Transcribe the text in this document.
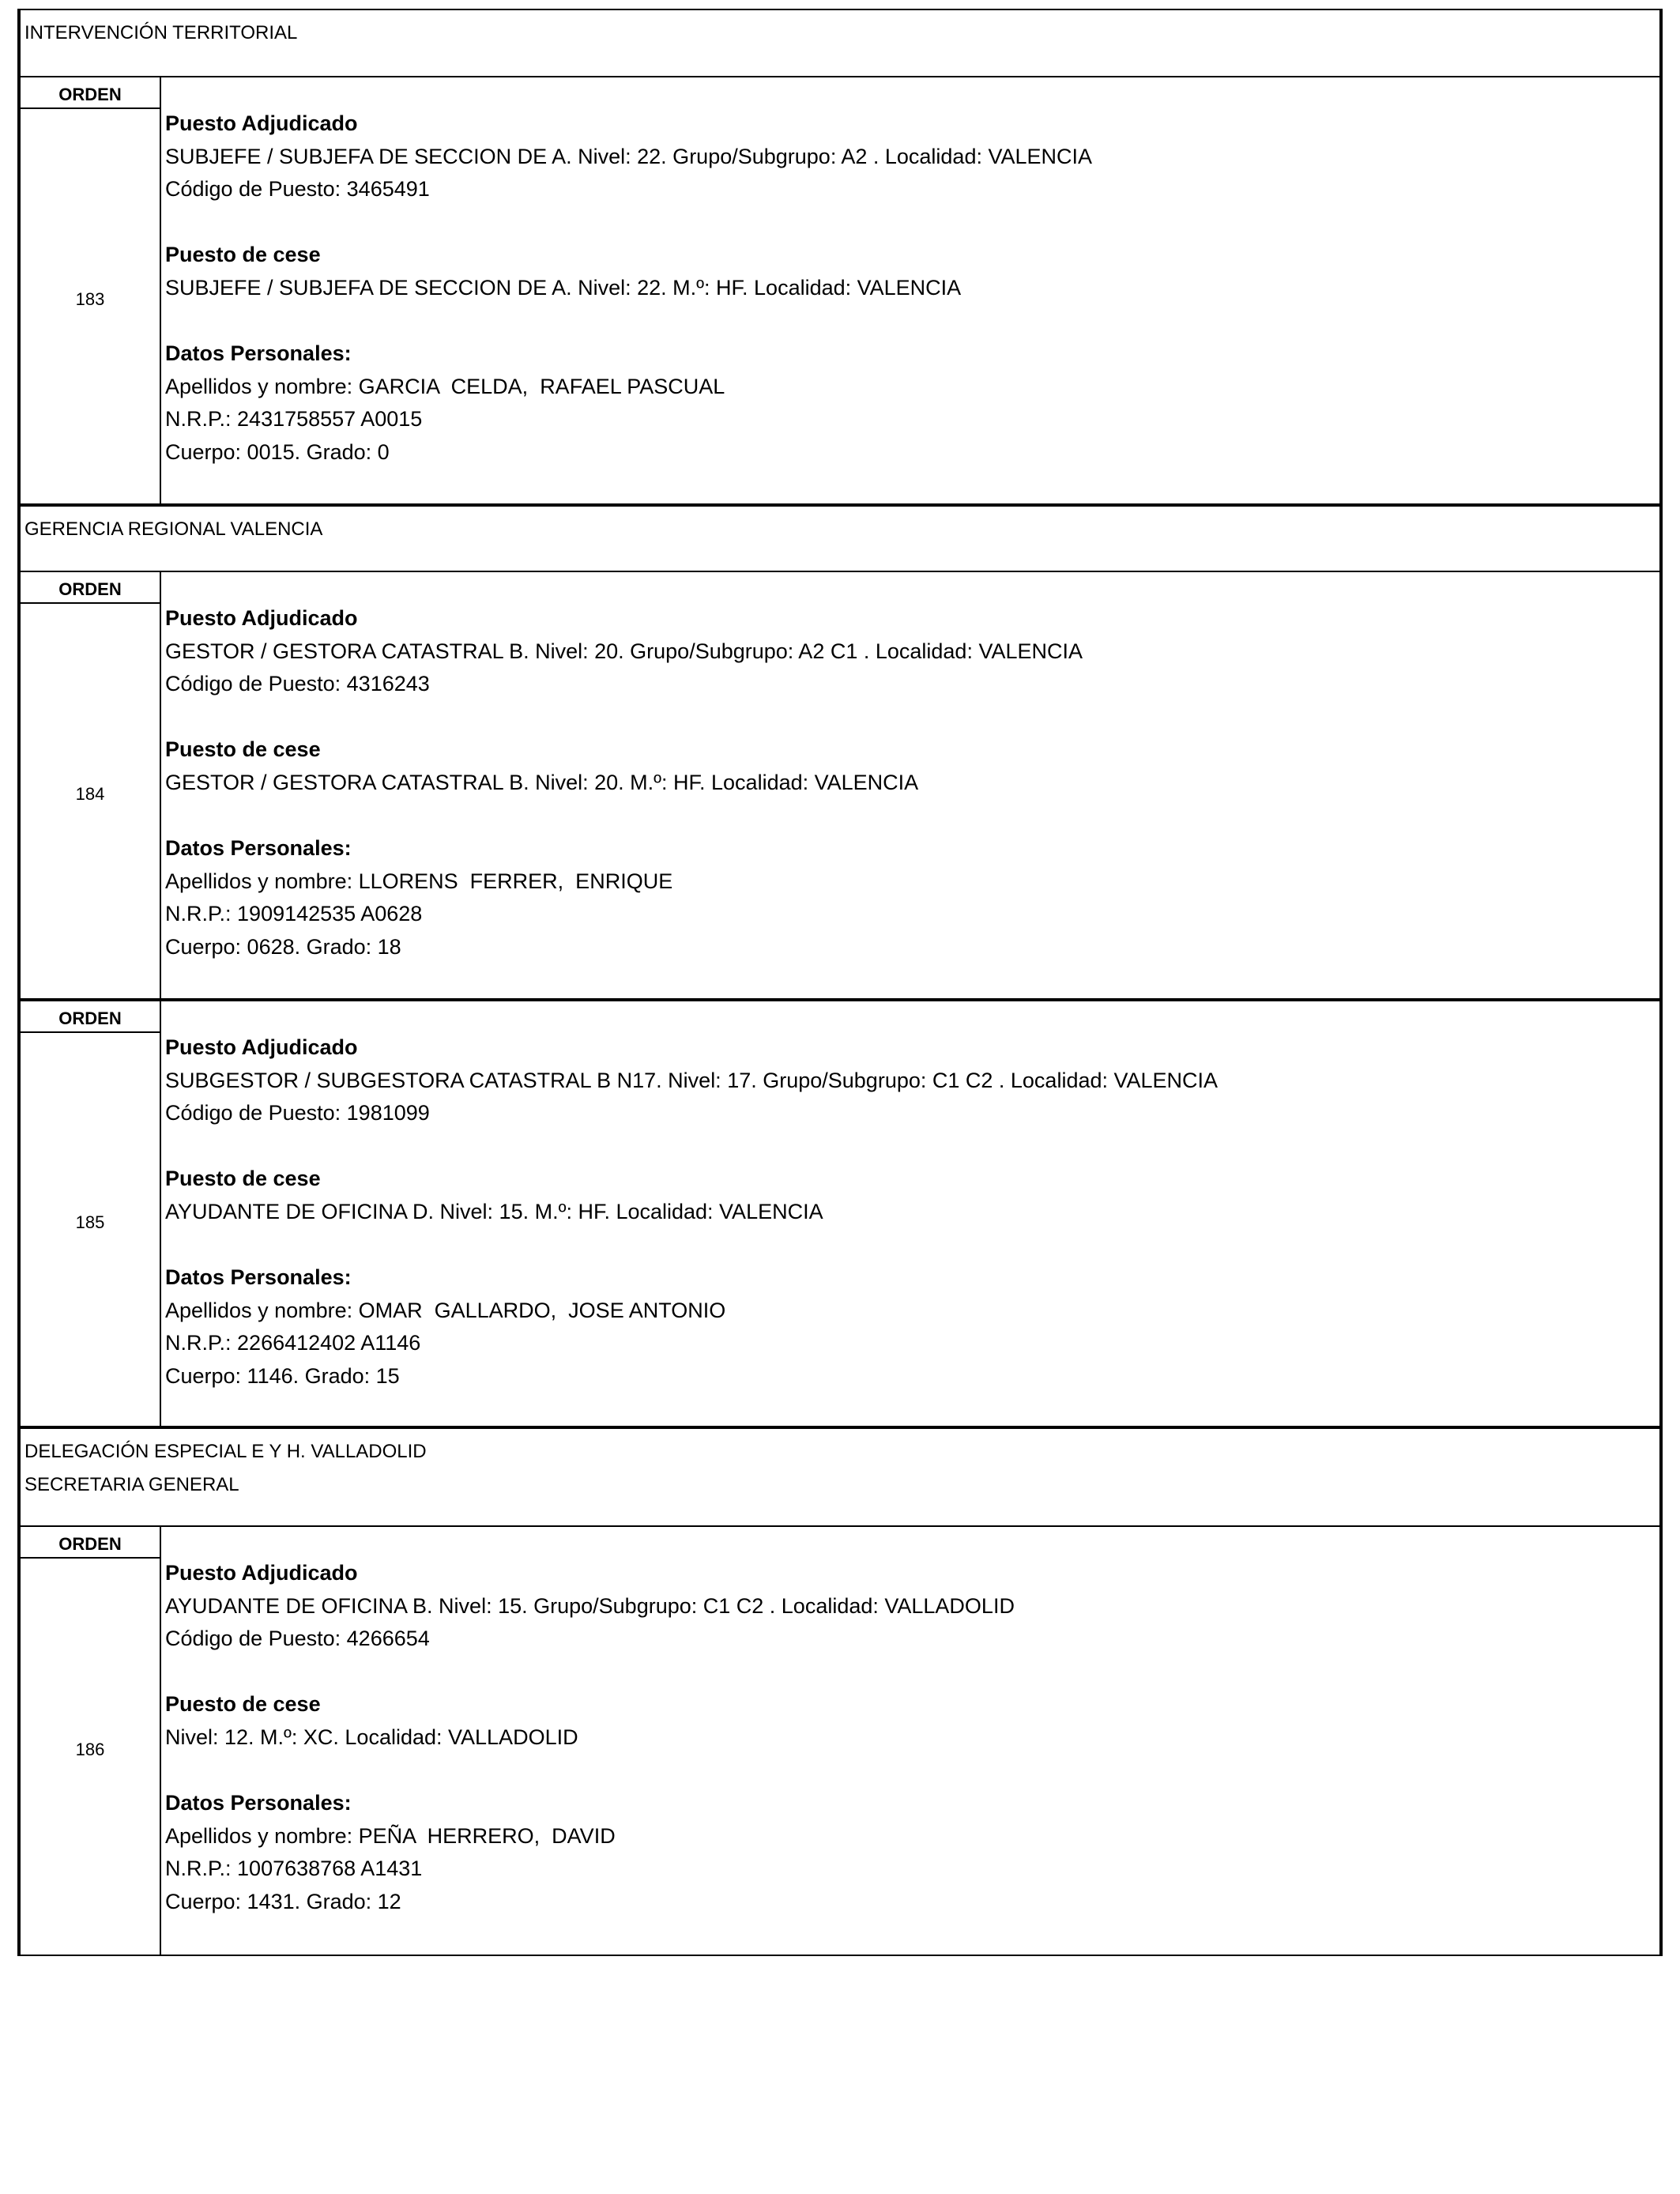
INTERVENCIÓN TERRITORIAL
ORDEN
183
Puesto Adjudicado
SUBJEFE / SUBJEFA DE SECCION DE A. Nivel: 22. Grupo/Subgrupo: A2 . Localidad: VALENCIA
Código de Puesto: 3465491
Puesto de cese
SUBJEFE / SUBJEFA DE SECCION DE A. Nivel: 22. M.º: HF. Localidad: VALENCIA
Datos Personales:
Apellidos y nombre: GARCIA  CELDA,  RAFAEL PASCUAL
N.R.P.: 2431758557 A0015
Cuerpo: 0015. Grado: 0
GERENCIA REGIONAL VALENCIA
ORDEN
184
Puesto Adjudicado
GESTOR / GESTORA CATASTRAL B. Nivel: 20. Grupo/Subgrupo: A2 C1 . Localidad: VALENCIA
Código de Puesto: 4316243
Puesto de cese
GESTOR / GESTORA CATASTRAL B. Nivel: 20. M.º: HF. Localidad: VALENCIA
Datos Personales:
Apellidos y nombre: LLORENS  FERRER,  ENRIQUE
N.R.P.: 1909142535 A0628
Cuerpo: 0628. Grado: 18
ORDEN
185
Puesto Adjudicado
SUBGESTOR / SUBGESTORA CATASTRAL B N17. Nivel: 17. Grupo/Subgrupo: C1 C2 . Localidad: VALENCIA
Código de Puesto: 1981099
Puesto de cese
AYUDANTE DE OFICINA D. Nivel: 15. M.º: HF. Localidad: VALENCIA
Datos Personales:
Apellidos y nombre: OMAR  GALLARDO,  JOSE ANTONIO
N.R.P.: 2266412402 A1146
Cuerpo: 1146. Grado: 15
DELEGACIÓN ESPECIAL E Y H. VALLADOLID
SECRETARIA GENERAL
ORDEN
186
Puesto Adjudicado
AYUDANTE DE OFICINA B. Nivel: 15. Grupo/Subgrupo: C1 C2 . Localidad: VALLADOLID
Código de Puesto: 4266654
Puesto de cese
Nivel: 12. M.º: XC. Localidad: VALLADOLID
Datos Personales:
Apellidos y nombre: PEÑA  HERRERO,  DAVID
N.R.P.: 1007638768 A1431
Cuerpo: 1431. Grado: 12
